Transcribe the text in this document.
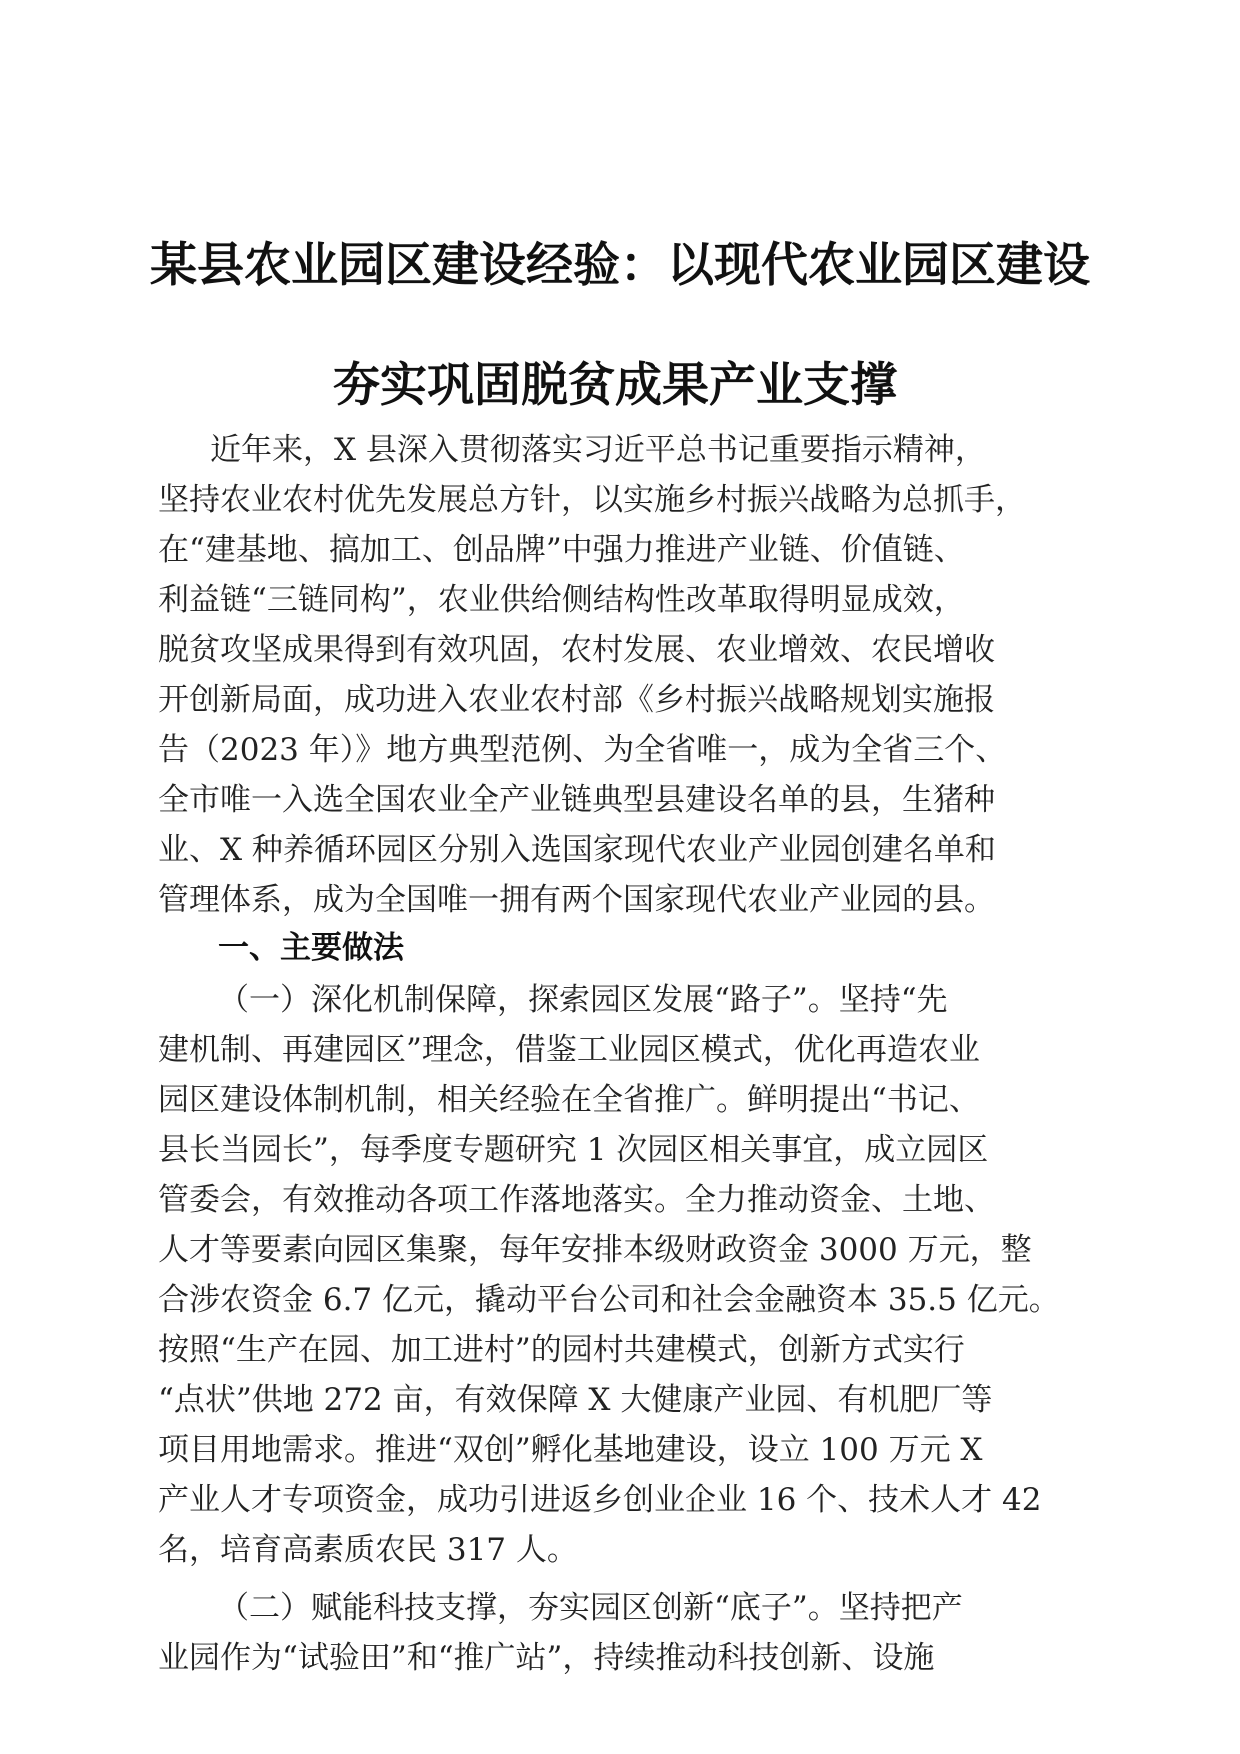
某县农业园区建设经验：以现代农业园区建设
夯实巩固脱贫成果产业支撑
近年来，X 县深入贯彻落实习近平总书记重要指示精神，
坚持农业农村优先发展总方针，以实施乡村振兴战略为总抓手，
在“建基地、搞加工、创品牌”中强力推进产业链、价值链、
利益链“三链同构”，农业供给侧结构性改革取得明显成效，
脱贫攻坚成果得到有效巩固，农村发展、农业增效、农民增收
开创新局面，成功进入农业农村部《乡村振兴战略规划实施报
告（2023 年）》地方典型范例、为全省唯一，成为全省三个、
全市唯一入选全国农业全产业链典型县建设名单的县，生猪种
业、X 种养循环园区分别入选国家现代农业产业园创建名单和
管理体系，成为全国唯一拥有两个国家现代农业产业园的县。
一、主要做法
（一）深化机制保障，探索园区发展“路子”。坚持“先
建机制、再建园区”理念，借鉴工业园区模式，优化再造农业
园区建设体制机制，相关经验在全省推广。鲜明提出“书记、
县长当园长”，每季度专题研究 1 次园区相关事宜，成立园区
管委会，有效推动各项工作落地落实。全力推动资金、土地、
人才等要素向园区集聚，每年安排本级财政资金 3000 万元，整
合涉农资金 6.7 亿元，撬动平台公司和社会金融资本 35.5 亿元。
按照“生产在园、加工进村”的园村共建模式，创新方式实行
“点状”供地 272 亩，有效保障 X 大健康产业园、有机肥厂等
项目用地需求。推进“双创”孵化基地建设，设立 100 万元 X
产业人才专项资金，成功引进返乡创业企业 16 个、技术人才 42
名，培育高素质农民 317 人。
（二）赋能科技支撑，夯实园区创新“底子”。坚持把产
业园作为“试验田”和“推广站”，持续推动科技创新、设施
